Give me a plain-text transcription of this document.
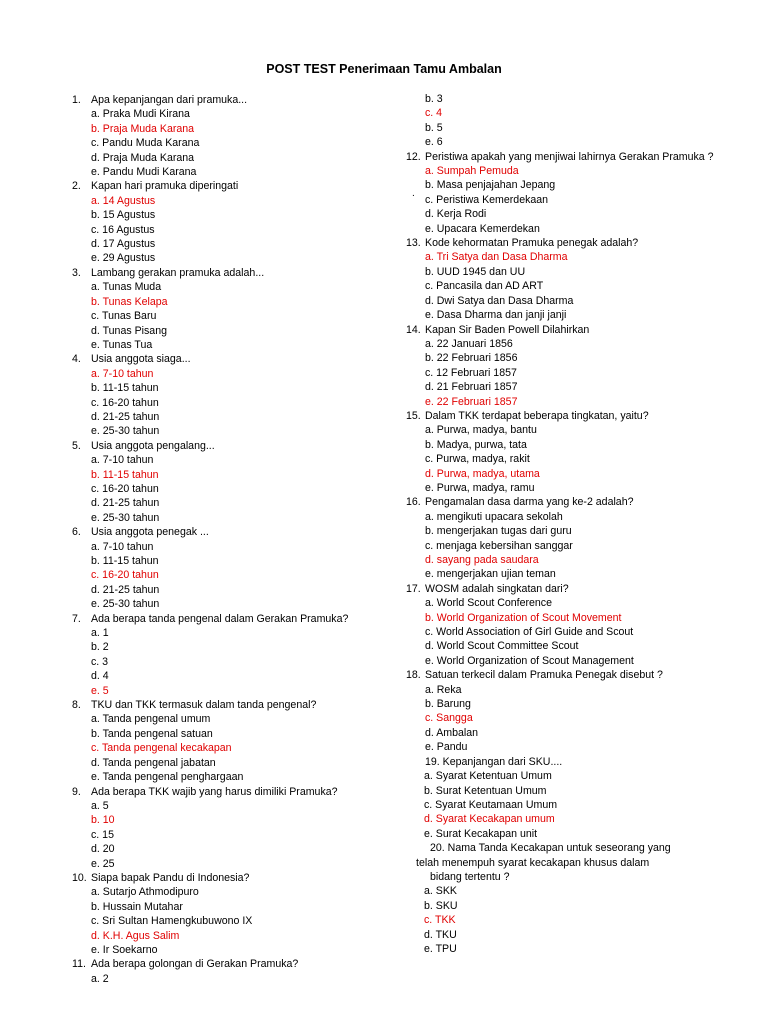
POST TEST Penerimaan Tamu Ambalan
1. Apa kepanjangan dari pramuka...
a. Praka Mudi Kirana
b. Praja Muda Karana
c. Pandu Muda Karana
d. Praja Muda Karana
e. Pandu Mudi Karana
2. Kapan hari pramuka diperingati
a. 14 Agustus
b. 15 Agustus
c. 16 Agustus
d. 17 Agustus
e. 29 Agustus
3. Lambang gerakan pramuka adalah...
a. Tunas Muda
b. Tunas Kelapa
c. Tunas Baru
d. Tunas Pisang
e. Tunas Tua
4. Usia anggota siaga...
a. 7-10 tahun
b. 11-15 tahun
c. 16-20 tahun
d. 21-25 tahun
e. 25-30 tahun
5. Usia anggota pengalang...
a. 7-10 tahun
b. 11-15 tahun
c. 16-20 tahun
d. 21-25 tahun
e. 25-30 tahun
6. Usia anggota penegak ...
a. 7-10 tahun
b. 11-15 tahun
c. 16-20 tahun
d. 21-25 tahun
e. 25-30 tahun
7. Ada berapa tanda pengenal dalam Gerakan Pramuka?
a. 1
b. 2
c. 3
d. 4
e. 5
8. TKU dan TKK termasuk dalam tanda pengenal?
a. Tanda pengenal umum
b. Tanda pengenal satuan
c. Tanda pengenal kecakapan
d. Tanda pengenal jabatan
e. Tanda pengenal penghargaan
9. Ada berapa TKK wajib yang harus dimiliki Pramuka?
a. 5
b. 10
c. 15
d. 20
e. 25
10. Siapa bapak Pandu di Indonesia?
a. Sutarjo Athmodipuro
b. Hussain Mutahar
c. Sri Sultan Hamengkubuwono IX
d. K.H. Agus Salim
e. Ir Soekarno
11. Ada berapa golongan di Gerakan Pramuka?
a. 2
b. 3
c. 4
b. 5
e. 6
12. Peristiwa apakah yang menjiwai lahirnya Gerakan Pramuka ?
a. Sumpah Pemuda
b. Masa penjajahan Jepang
c. Peristiwa Kemerdekaan
d. Kerja Rodi
e. Upacara Kemerdekan
13. Kode kehormatan Pramuka penegak adalah?
a. Tri Satya dan Dasa Dharma
b. UUD 1945 dan UU
c. Pancasila dan AD ART
d. Dwi Satya dan Dasa Dharma
e. Dasa Dharma dan janji janji
14. Kapan Sir Baden Powell Dilahirkan
a. 22 Januari 1856
b. 22 Februari 1856
c. 12 Februari 1857
d. 21 Februari 1857
e. 22 Februari 1857
15. Dalam TKK terdapat beberapa tingkatan, yaitu?
a. Purwa, madya, bantu
b. Madya, purwa, tata
c. Purwa, madya, rakit
d. Purwa, madya, utama
e. Purwa, madya, ramu
16. Pengamalan dasa darma yang ke-2 adalah?
a. mengikuti upacara sekolah
b. mengerjakan tugas dari guru
c. menjaga kebersihan sanggar
d. sayang pada saudara
e. mengerjakan ujian teman
17. WOSM adalah singkatan dari?
a. World Scout Conference
b. World Organization of Scout Movement
c. World Association of Girl Guide and Scout
d. World Scout Committee Scout
e. World Organization of Scout Management
18. Satuan terkecil dalam Pramuka Penegak disebut ?
a. Reka
b. Barung
c. Sangga
d. Ambalan
e. Pandu
19. Kepanjangan dari SKU....
a. Syarat Ketentuan Umum
b. Surat Ketentuan Umum
c. Syarat Keutamaan Umum
d. Syarat Kecakapan umum
e. Surat Kecakapan unit
20. Nama Tanda Kecakapan untuk seseorang yang
telah menempuh syarat kecakapan khusus dalam
bidang tertentu ?
a. SKK
b. SKU
c. TKK
d. TKU
e. TPU
.
